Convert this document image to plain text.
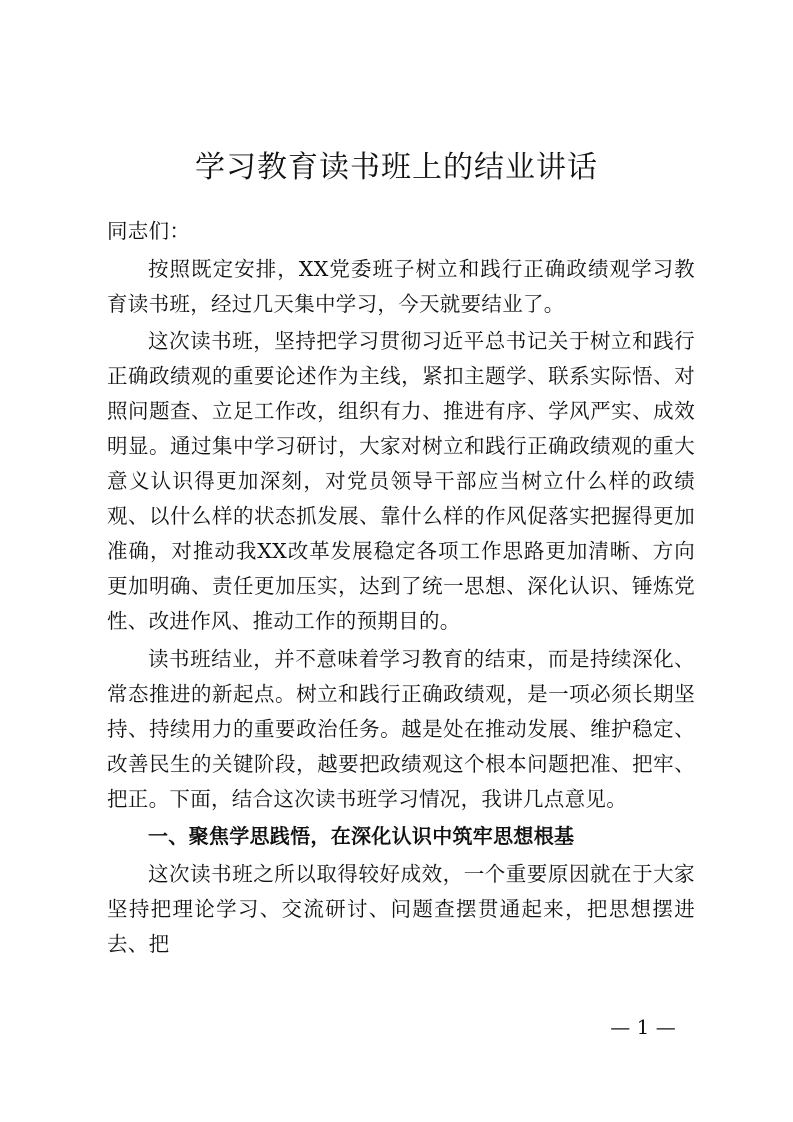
学习教育读书班上的结业讲话

同志们：

按照既定安排，XX党委班子树立和践行正确政绩观学习教育读书班，经过几天集中学习，今天就要结业了。

这次读书班，坚持把学习贯彻习近平总书记关于树立和践行正确政绩观的重要论述作为主线，紧扣主题学、联系实际悟、对照问题查、立足工作改，组织有力、推进有序、学风严实、成效明显。通过集中学习研讨，大家对树立和践行正确政绩观的重大意义认识得更加深刻，对党员领导干部应当树立什么样的政绩观、以什么样的状态抓发展、靠什么样的作风促落实把握得更加准确，对推动我XX改革发展稳定各项工作思路更加清晰、方向更加明确、责任更加压实，达到了统一思想、深化认识、锤炼党性、改进作风、推动工作的预期目的。

读书班结业，并不意味着学习教育的结束，而是持续深化、常态推进的新起点。树立和践行正确政绩观，是一项必须长期坚持、持续用力的重要政治任务。越是处在推动发展、维护稳定、改善民生的关键阶段，越要把政绩观这个根本问题把准、把牢、把正。下面，结合这次读书班学习情况，我讲几点意见。

一、聚焦学思践悟，在深化认识中筑牢思想根基

这次读书班之所以取得较好成效，一个重要原因就在于大家坚持把理论学习、交流研讨、问题查摆贯通起来，把思想摆进去、把

— 1 —
